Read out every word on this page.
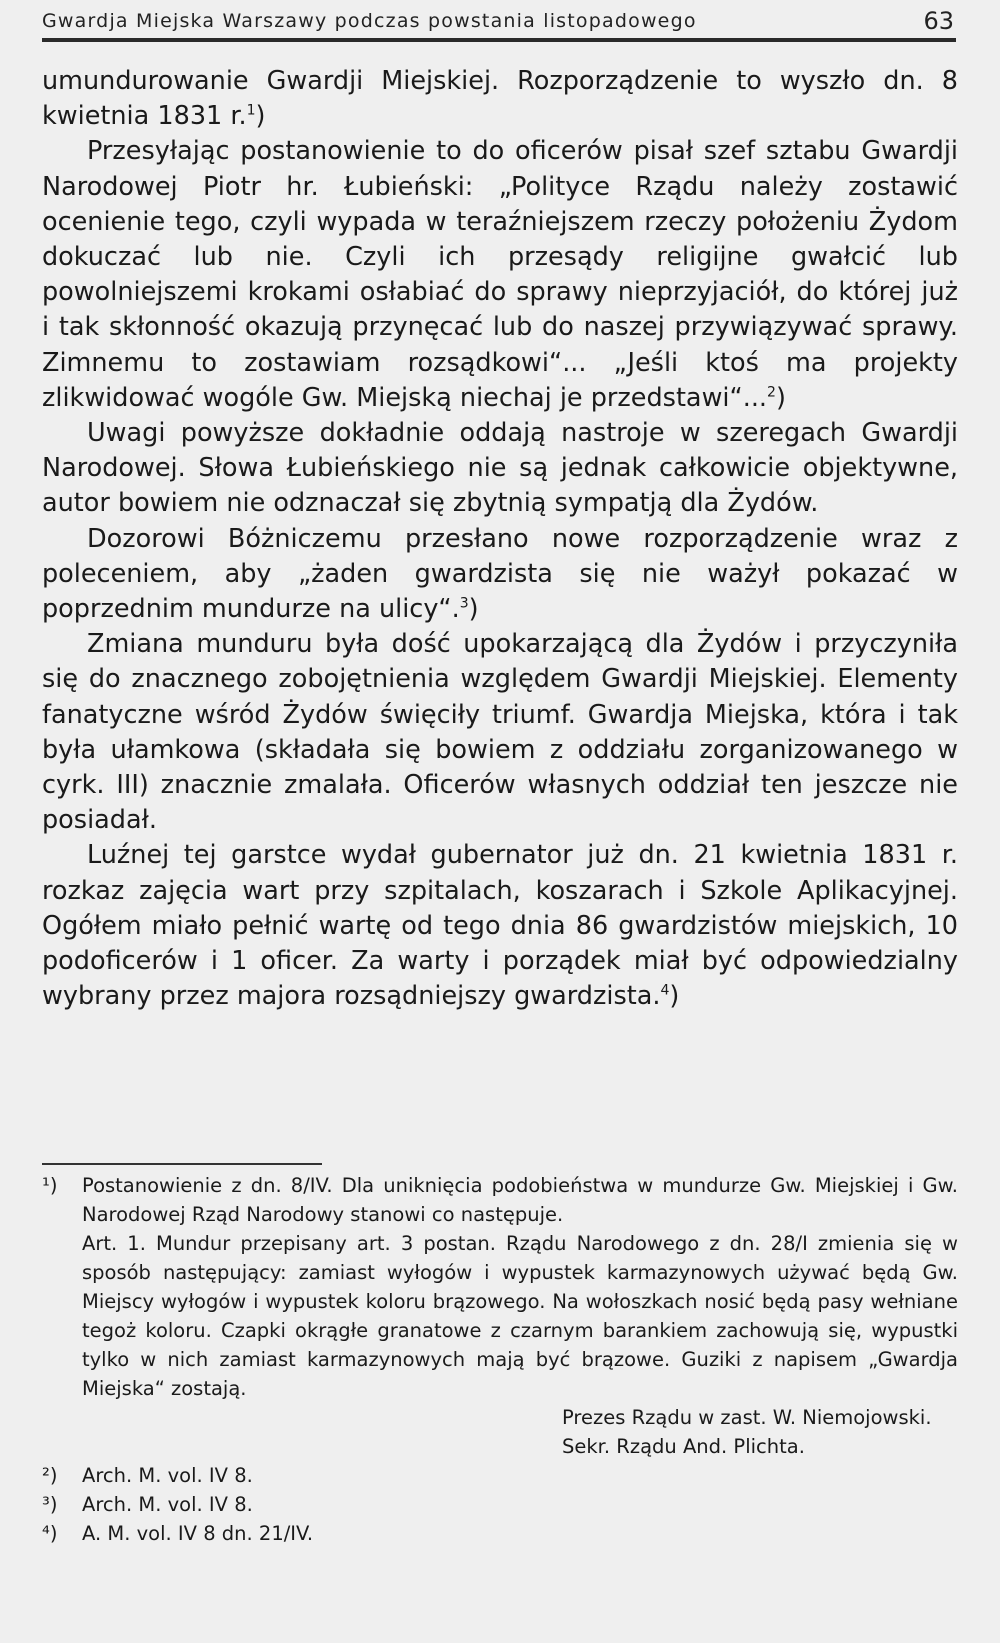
Gwardja Miejska Warszawy podczas powstania listopadowego	63

umundurowanie Gwardji Miejskiej. Rozporządzenie to wyszło dn. 8 kwietnia 1831 r.$^1$)

Przesyłając postanowienie to do oficerów pisał szef sztabu Gwardji Narodowej Piotr hr. Łubieński: „Polityce Rządu należy zostawić ocenienie tego, czyli wypada w teraźniejszem rzeczy położeniu Żydom dokuczać lub nie. Czyli ich przesądy religijne gwałcić lub powolniejszemi krokami osłabiać do sprawy nieprzyjaciół, do której już i tak skłonność okazują przynęcać lub do naszej przywiązywać sprawy. Zimnemu to zostawiam rozsądkowi“... „Jeśli ktoś ma projekty zlikwidować wogóle Gw. Miejską niechaj je przedstawi“...$^2$)

Uwagi powyższe dokładnie oddają nastroje w szeregach Gwardji Narodowej. Słowa Łubieńskiego nie są jednak całkowicie objektywne, autor bowiem nie odznaczał się zbytnią sympatją dla Żydów.

Dozorowi Bóżniczemu przesłano nowe rozporządzenie wraz z poleceniem, aby „żaden gwardzista się nie ważył pokazać w poprzednim mundurze na ulicy“.$^3$)

Zmiana munduru była dość upokarzającą dla Żydów i przyczyniła się do znacznego zobojętnienia względem Gwardji Miejskiej. Elementy fanatyczne wśród Żydów święciły triumf. Gwardja Miejska, która i tak była ułamkowa (składała się bowiem z oddziału zorganizowanego w cyrk. III) znacznie zmalała. Oficerów własnych oddział ten jeszcze nie posiadał.

Luźnej tej garstce wydał gubernator już dn. 21 kwietnia 1831 r. rozkaz zajęcia wart przy szpitalach, koszarach i Szkole Aplikacyjnej. Ogółem miało pełnić wartę od tego dnia 86 gwardzistów miejskich, 10 podoficerów i 1 oficer. Za warty i porządek miał być odpowiedzialny wybrany przez majora rozsądniejszy gwardzista.$^4$)

¹)	Postanowienie z dn. 8/IV. Dla uniknięcia podobieństwa w mundurze Gw. Miejskiej i Gw. Narodowej Rząd Narodowy stanowi co następuje.

Art. 1. Mundur przepisany art. 3 postan. Rządu Narodowego z dn. 28/I zmienia się w sposób następujący: zamiast wyłogów i wypustek karmazynowych używać będą Gw. Miejscy wyłogów i wypustek koloru brązowego. Na wołoszkach nosić będą pasy wełniane tegoż koloru. Czapki okrągłe granatowe z czarnym barankiem zachowują się, wypustki tylko w nich zamiast karmazynowych mają być brązowe. Guziki z napisem „Gwardja Miejska“ zostają.

Prezes Rządu w zast. W. Niemojowski.
Sekr. Rządu And. Plichta.
²)	Arch. M. vol. IV 8.
³)	Arch. M. vol. IV 8.
⁴)	A. M. vol. IV 8 dn. 21/IV.
